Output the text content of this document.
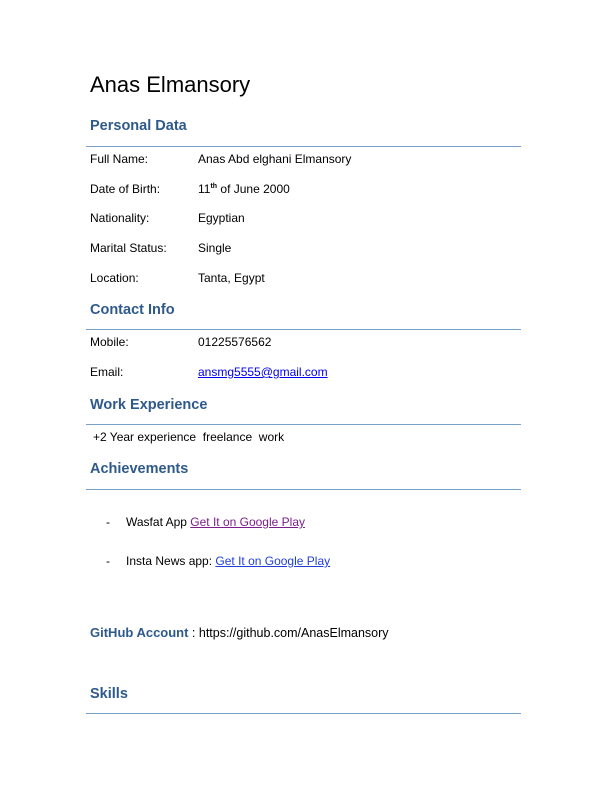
Anas Elmansory
Personal Data
Full Name:	Anas Abd elghani Elmansory
Date of Birth:	11th of June 2000
Nationality:	Egyptian
Marital Status:	Single
Location:	Tanta, Egypt
Contact Info
Mobile:	01225576562
Email:	ansmg5555@gmail.com
Work Experience
+2 Year experience  freelance  work
Achievements
- Wasfat App Get It on Google Play
- Insta News app: Get It on Google Play
GitHub Account : https://github.com/AnasElmansory
Skills
